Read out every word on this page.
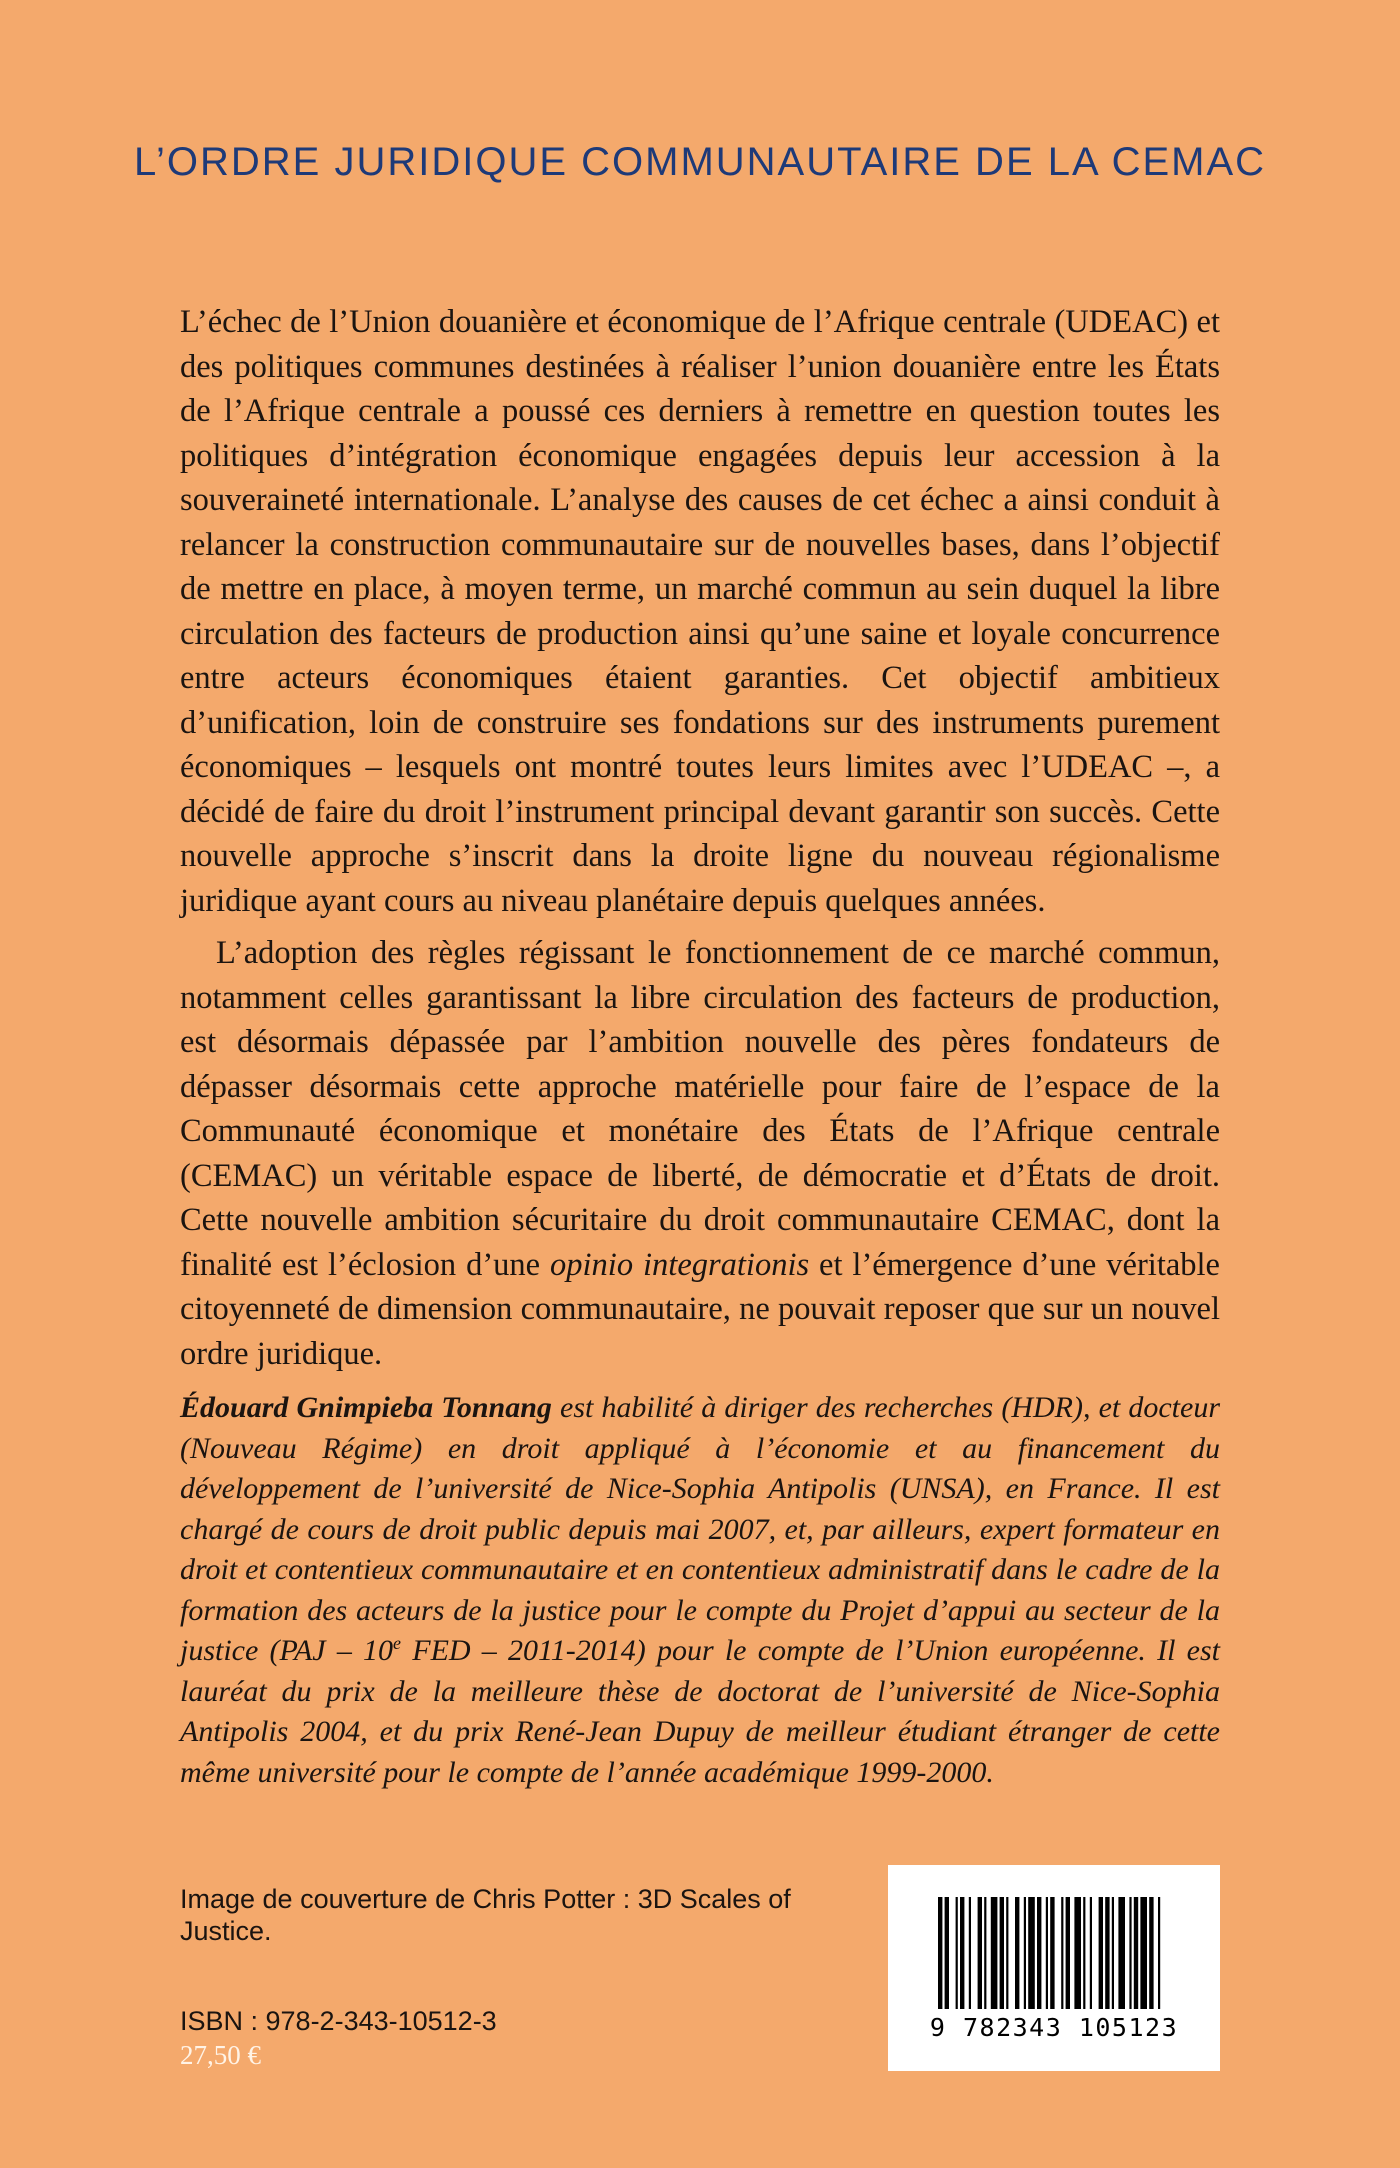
L’ORDRE JURIDIQUE COMMUNAUTAIRE DE LA CEMAC

L’échec de l’Union douanière et économique de l’Afrique centrale (UDEAC) et des politiques communes destinées à réaliser l’union douanière entre les États de l’Afrique centrale a poussé ces derniers à remettre en question toutes les politiques d’intégration économique engagées depuis leur accession à la souveraineté internationale. L’analyse des causes de cet échec a ainsi conduit à relancer la construction communautaire sur de nouvelles bases, dans l’objectif de mettre en place, à moyen terme, un marché commun au sein duquel la libre circulation des facteurs de production ainsi qu’une saine et loyale concurrence entre acteurs économiques étaient garanties. Cet objectif ambitieux d’unification, loin de construire ses fondations sur des instruments purement économiques – lesquels ont montré toutes leurs limites avec l’UDEAC –, a décidé de faire du droit l’instrument principal devant garantir son succès. Cette nouvelle approche s’inscrit dans la droite ligne du nouveau régionalisme juridique ayant cours au niveau planétaire depuis quelques années.

L’adoption des règles régissant le fonctionnement de ce marché commun, notamment celles garantissant la libre circulation des facteurs de production, est désormais dépassée par l’ambition nouvelle des pères fondateurs de dépasser désormais cette approche matérielle pour faire de l’espace de la Communauté économique et monétaire des États de l’Afrique centrale (CEMAC) un véritable espace de liberté, de démocratie et d’États de droit. Cette nouvelle ambition sécuritaire du droit communautaire CEMAC, dont la finalité est l’éclosion d’une opinio integrationis et l’émergence d’une véritable citoyenneté de dimension communautaire, ne pouvait reposer que sur un nouvel ordre juridique.

Édouard Gnimpieba Tonnang est habilité à diriger des recherches (HDR), et docteur (Nouveau Régime) en droit appliqué à l’économie et au financement du développement de l’université de Nice-Sophia Antipolis (UNSA), en France. Il est chargé de cours de droit public depuis mai 2007, et, par ailleurs, expert formateur en droit et contentieux communautaire et en contentieux administratif dans le cadre de la formation des acteurs de la justice pour le compte du Projet d’appui au secteur de la justice (PAJ – 10e FED – 2011-2014) pour le compte de l’Union européenne. Il est lauréat du prix de la meilleure thèse de doctorat de l’université de Nice-Sophia Antipolis 2004, et du prix René-Jean Dupuy de meilleur étudiant étranger de cette même université pour le compte de l’année académique 1999-2000.
Image de couverture de Chris Potter : 3D Scales of Justice.
ISBN : 978-2-343-10512-3
27,50 €
9 782343 105123
